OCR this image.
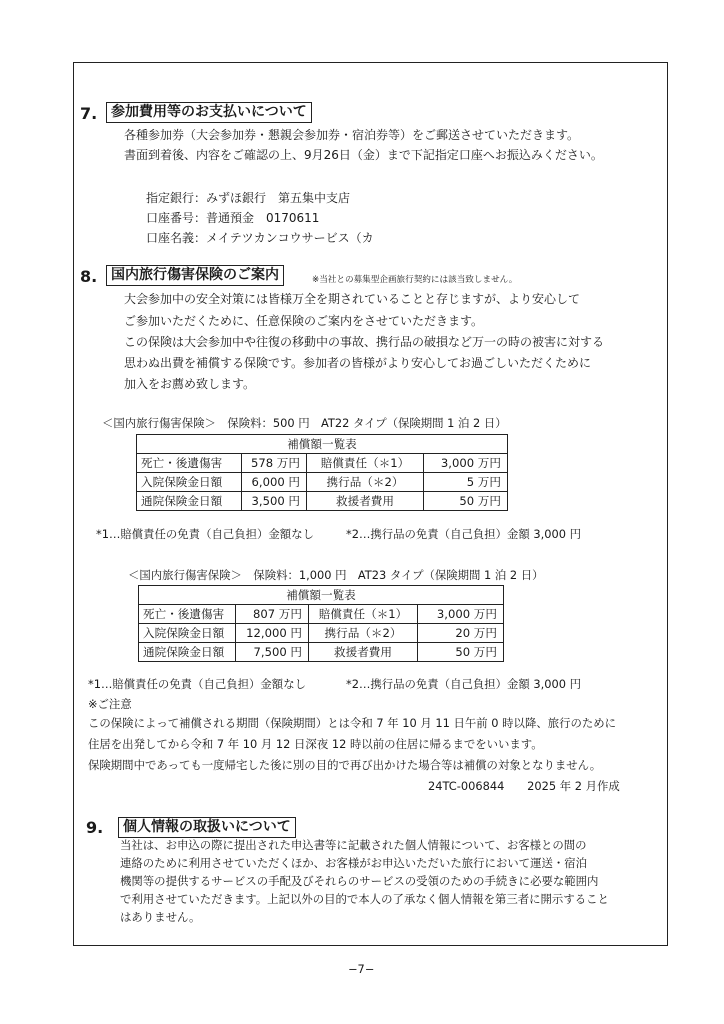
7. 参加費用等のお支払いについて
各種参加券（大会参加券・懇親会参加券・宿泊券等）をご郵送させていただきます。
書面到着後、内容をご確認の上、9月26日（金）まで下記指定口座へお振込みください。
指定銀行：みずほ銀行　第五集中支店
口座番号：普通預金　0170611
口座名義：メイテツカンコウサービス（カ
8. 国内旅行傷害保険のご案内	※当社との募集型企画旅行契約には該当致しません。
大会参加中の安全対策には皆様万全を期されていることと存じますが、より安心して
ご参加いただくために、任意保険のご案内をさせていただきます。
この保険は大会参加中や往復の移動中の事故、携行品の破損など万一の時の被害に対する
思わぬ出費を補償する保険です。参加者の皆様がより安心してお過ごしいただくために
加入をお薦め致します。
＜国内旅行傷害保険＞　保険料：500 円　AT22 タイプ（保険期間 1 泊 2 日）
補償額一覧表			
死亡・後遺傷害	578 万円	賠償責任（＊1）	3,000 万円
入院保険金日額	6,000 円	携行品（＊2）	5 万円
通院保険金日額	3,500 円	救援者費用	50 万円
*1…賠償責任の免責（自己負担）金額なし	*2…携行品の免責（自己負担）金額 3,000 円
＜国内旅行傷害保険＞　保険料：1,000 円　AT23 タイプ（保険期間 1 泊 2 日）
補償額一覧表			
死亡・後遺傷害	807 万円	賠償責任（＊1）	3,000 万円
入院保険金日額	12,000 円	携行品（＊2）	20 万円
通院保険金日額	7,500 円	救援者費用	50 万円
*1…賠償責任の免責（自己負担）金額なし	*2…携行品の免責（自己負担）金額 3,000 円
※ご注意
この保険によって補償される期間（保険期間）とは令和 7 年 10 月 11 日午前 0 時以降、旅行のために
住居を出発してから令和 7 年 10 月 12 日深夜 12 時以前の住居に帰るまでをいいます。
保険期間中であっても一度帰宅した後に別の目的で再び出かけた場合等は補償の対象となりません。
24TC-006844　　2025 年 2 月作成
9.	個人情報の取扱いについて
当社は、お申込の際に提出された申込書等に記載された個人情報について、お客様との間の
連絡のために利用させていただくほか、お客様がお申込いただいた旅行において運送・宿泊
機関等の提供するサービスの手配及びそれらのサービスの受領のための手続きに必要な範囲内
で利用させていただきます。上記以外の目的で本人の了承なく個人情報を第三者に開示すること
はありません。
−7−
